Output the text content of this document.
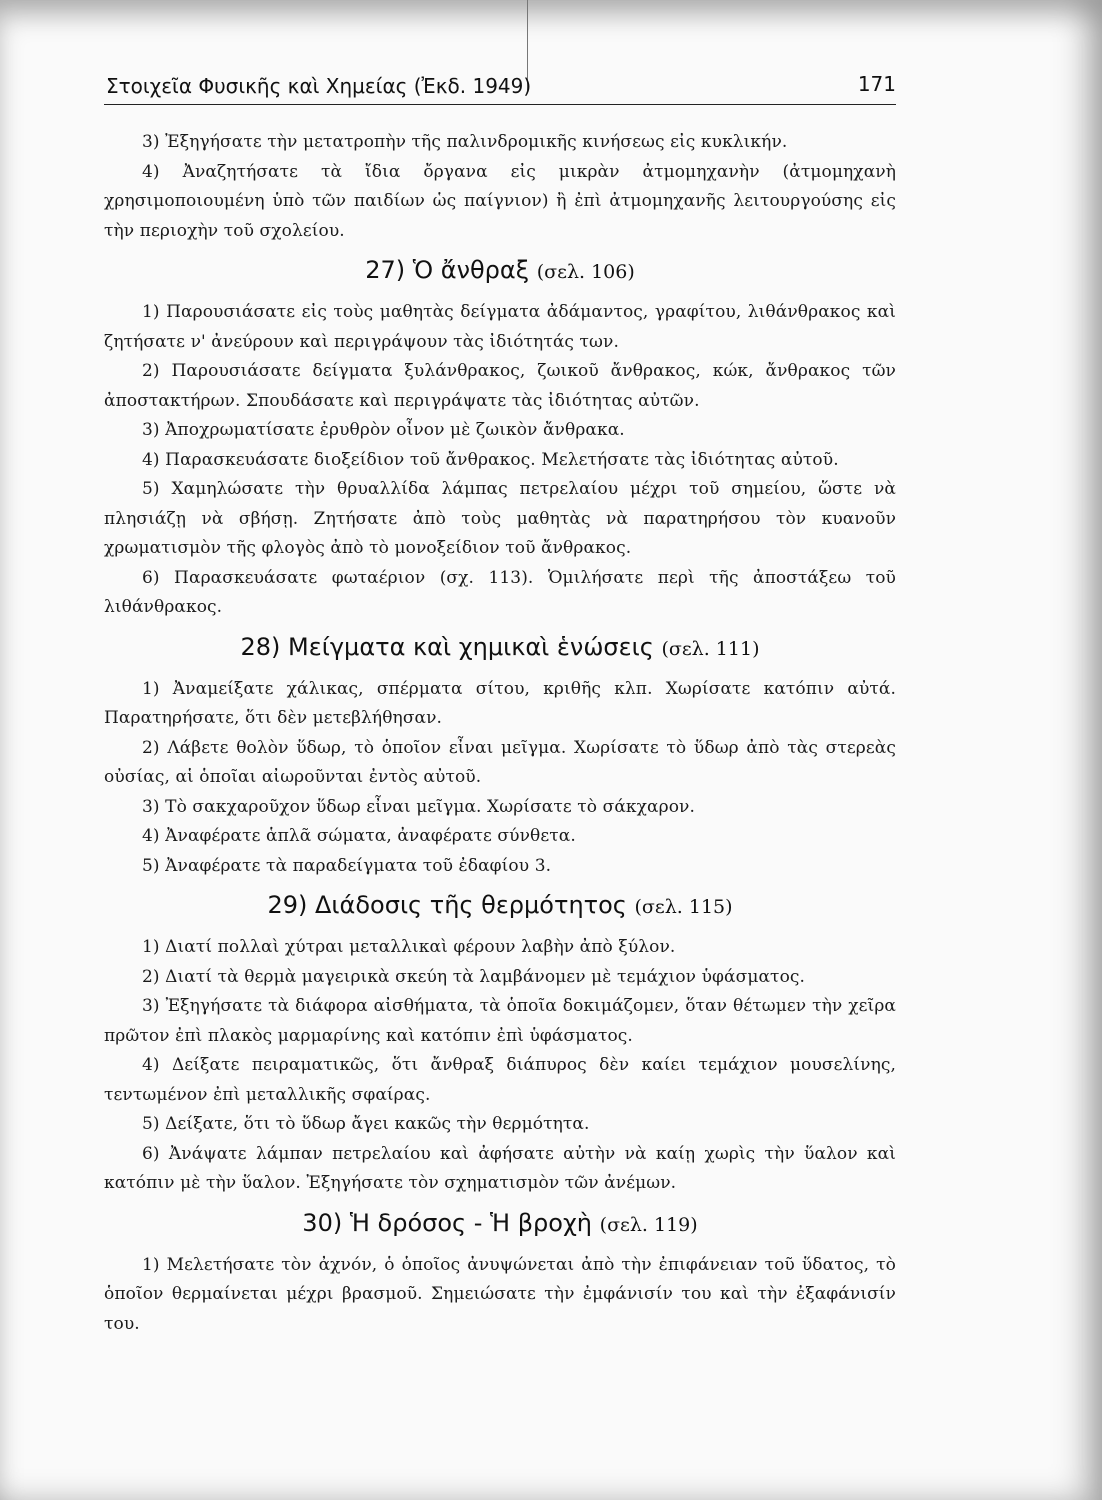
Στοιχεῖα Φυσικῆς καὶ Χημείας (Ἐκδ. 1949)	171

3) Ἐξηγήσατε τὴν μετατροπὴν τῆς παλινδρομικῆς κινήσεως εἰς κυκλικήν.

4) Ἀναζητήσατε τὰ ἴδια ὄργανα εἰς μικρὰν ἀτμομηχανὴν (ἀτμομηχανὴ χρησιμοποιουμένη ὑπὸ τῶν παιδίων ὡς παίγνιον) ἢ ἐπὶ ἀτμομηχανῆς λειτουργούσης εἰς τὴν περιοχὴν τοῦ σχολείου.

27) Ὁ ἄνθραξ (σελ. 106)

1) Παρουσιάσατε εἰς τοὺς μαθητὰς δείγματα ἀδάμαντος, γραφίτου, λιθάνθρακος καὶ ζητήσατε ν' ἀνεύρουν καὶ περιγράψουν τὰς ἰδιότητάς των.

2) Παρουσιάσατε δείγματα ξυλάνθρακος, ζωικοῦ ἄνθρακος, κώκ, ἄνθρακος τῶν ἀποστακτήρων. Σπουδάσατε καὶ περιγράψατε τὰς ἰδιότητας αὐτῶν.

3) Ἀποχρωματίσατε ἐρυθρὸν οἶνον μὲ ζωικὸν ἄνθρακα.

4) Παρασκευάσατε διοξείδιον τοῦ ἄνθρακος. Μελετήσατε τὰς ἰδιότητας αὐτοῦ.

5) Χαμηλώσατε τὴν θρυαλλίδα λάμπας πετρελαίου μέχρι τοῦ σημείου, ὥστε νὰ πλησιάζῃ νὰ σβήσῃ. Ζητήσατε ἀπὸ τοὺς μαθητὰς νὰ παρατηρήσου τὸν κυανοῦν χρωματισμὸν τῆς φλογὸς ἀπὸ τὸ μονοξείδιον τοῦ ἄνθρακος.

6) Παρασκευάσατε φωταέριον (σχ. 113). Ὁμιλήσατε περὶ τῆς ἀποστάξεω τοῦ λιθάνθρακος.

28) Μείγματα καὶ χημικαὶ ἑνώσεις (σελ. 111)

1) Ἀναμείξατε χάλικας, σπέρματα σίτου, κριθῆς κλπ. Χωρίσατε κατόπιν αὐτά. Παρατηρήσατε, ὅτι δὲν μετεβλήθησαν.

2) Λάβετε θολὸν ὕδωρ, τὸ ὁποῖον εἶναι μεῖγμα. Χωρίσατε τὸ ὕδωρ ἀπὸ τὰς στερεὰς οὐσίας, αἱ ὁποῖαι αἰωροῦνται ἐντὸς αὐτοῦ.

3) Τὸ σακχαροῦχον ὕδωρ εἶναι μεῖγμα. Χωρίσατε τὸ σάκχαρον.

4) Ἀναφέρατε ἁπλᾶ σώματα, ἀναφέρατε σύνθετα.

5) Ἀναφέρατε τὰ παραδείγματα τοῦ ἐδαφίου 3.

29) Διάδοσις τῆς θερμότητος (σελ. 115)

1) Διατί πολλαὶ χύτραι μεταλλικαὶ φέρουν λαβὴν ἀπὸ ξύλον.

2) Διατί τὰ θερμὰ μαγειρικὰ σκεύη τὰ λαμβάνομεν μὲ τεμάχιον ὑφάσματος.

3) Ἐξηγήσατε τὰ διάφορα αἰσθήματα, τὰ ὁποῖα δοκιμάζομεν, ὅταν θέτωμεν τὴν χεῖρα πρῶτον ἐπὶ πλακὸς μαρμαρίνης καὶ κατόπιν ἐπὶ ὑφάσματος.

4) Δείξατε πειραματικῶς, ὅτι ἄνθραξ διάπυρος δὲν καίει τεμάχιον μουσελίνης, τεντωμένον ἐπὶ μεταλλικῆς σφαίρας.

5) Δείξατε, ὅτι τὸ ὕδωρ ἄγει κακῶς τὴν θερμότητα.

6) Ἀνάψατε λάμπαν πετρελαίου καὶ ἀφήσατε αὐτὴν νὰ καίῃ χωρὶς τὴν ὕαλον καὶ κατόπιν μὲ τὴν ὕαλον. Ἐξηγήσατε τὸν σχηματισμὸν τῶν ἀνέμων.

30) Ἡ δρόσος - Ἡ βροχὴ (σελ. 119)

1) Μελετήσατε τὸν ἀχνόν, ὁ ὁποῖος ἀνυψώνεται ἀπὸ τὴν ἐπιφάνειαν τοῦ ὕδατος, τὸ ὁποῖον θερμαίνεται μέχρι βρασμοῦ. Σημειώσατε τὴν ἐμφάνισίν του καὶ τὴν ἐξαφάνισίν του.
